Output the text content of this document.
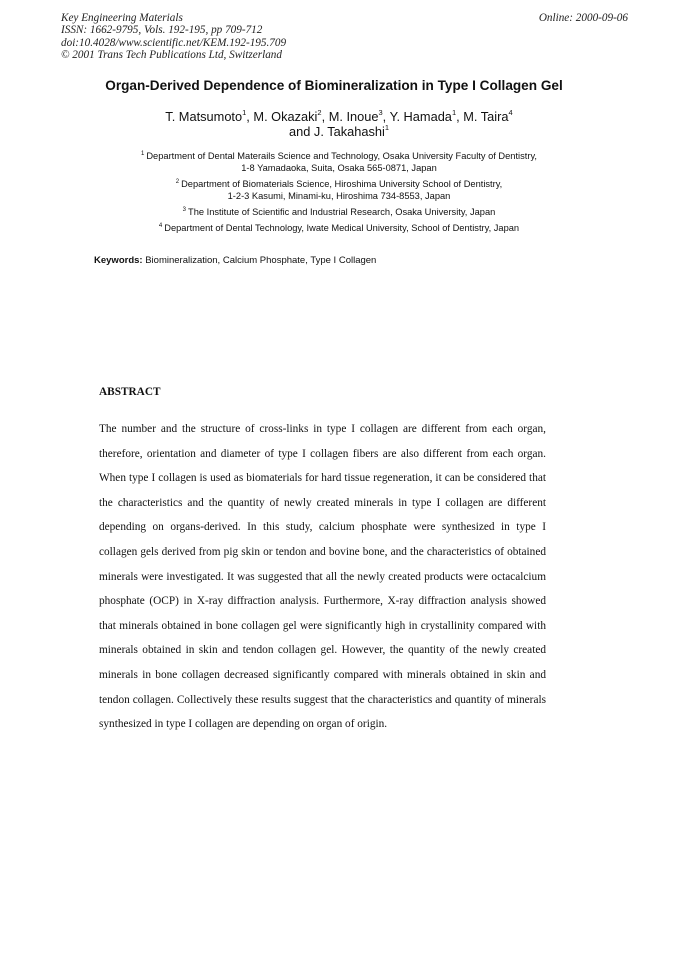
Key Engineering Materials
ISSN: 1662-9795, Vols. 192-195, pp 709-712
doi:10.4028/www.scientific.net/KEM.192-195.709
© 2001 Trans Tech Publications Ltd, Switzerland
Online: 2000-09-06
Organ-Derived Dependence of Biomineralization in Type I Collagen Gel
T. Matsumoto$^1$, M. Okazaki$^2$, M. Inoue$^3$, Y. Hamada$^1$, M. Taira$^4$
and J. Takahashi$^1$
$^1$ Department of Dental Materails Science and Technology, Osaka University Faculty of Dentistry,
1-8 Yamadaoka, Suita, Osaka 565-0871, Japan
$^2$ Department of Biomaterials Science, Hiroshima University School of Dentistry,
1-2-3 Kasumi, Minami-ku, Hiroshima 734-8553, Japan
$^3$ The Institute of Scientific and Industrial Research, Osaka University, Japan
$^4$ Department of Dental Technology, Iwate Medical University, School of Dentistry, Japan
Keywords: Biomineralization, Calcium Phosphate, Type I Collagen
ABSTRACT
The number and the structure of cross-links in type I collagen are different from each organ,
therefore, orientation and diameter of type I collagen fibers are also different from each organ.
When type I collagen is used as biomaterials for hard tissue regeneration, it can be considered that
the characteristics and the quantity of newly created minerals in type I collagen are different
depending on organs-derived. In this study, calcium phosphate were synthesized in type I
collagen gels derived from pig skin or tendon and bovine bone, and the characteristics of obtained
minerals were investigated. It was suggested that all the newly created products were octacalcium
phosphate (OCP) in X-ray diffraction analysis. Furthermore, X-ray diffraction analysis showed
that minerals obtained in bone collagen gel were significantly high in crystallinity compared with
minerals obtained in skin and tendon collagen gel. However, the quantity of the newly created
minerals in bone collagen decreased significantly compared with minerals obtained in skin and
tendon collagen. Collectively these results suggest that the characteristics and quantity of minerals
synthesized in type I collagen are depending on organ of origin.
